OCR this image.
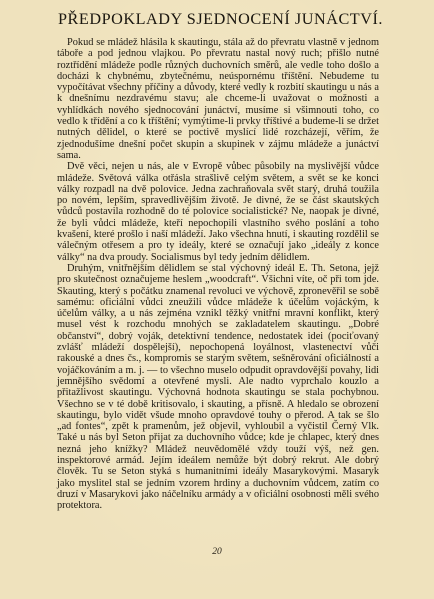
PŘEDPOKLADY SJEDNOCENÍ JUNÁCTVÍ.

Pokud se mládež hlásila k skautingu, stála až do převratu vlastně v jednom táboře a pod jednou vlajkou. Po převratu nastal nový ruch; přišlo nutné roztřídění mládeže podle různých duchovních směrů, ale vedle toho došlo a docházi k chybnému, zbytečnému, neúspornému tříštění. Nebudeme tu vypočítávat všechny příčiny a důvody, které vedly k rozbití skautingu u nás a k dnešnímu nezdravému stavu; ale chceme-li uvažovat o možnosti a vyhlídkách nového sjednocování junáctví, musíme si všimnouti toho, co vedlo k třídění a co k tříštění; vymýtime-li prvky tříštivé a budeme-li se držet nutných dělidel, o které se poctivě myslící lidé rozcházejí, věřím, že zjednodušíme dnešní počet skupin a skupinek v zájmu mládeže a junáctví sama.

Dvě věci, nejen u nás, ale v Evropě vůbec působily na myslivější vůdce mládeže. Světová válka otřásla strašlivě celým světem, a svět se ke konci války rozpadl na dvě polovice. Jedna zachraňovala svět starý, druhá toužila po novém, lepším, spravedlivějším životě. Je divné, že se část skautských vůdců postavila rozhodně do té polovice socialistické? Ne, naopak je divné, že byli vůdci mládeže, kteří nepochopili vlastního svého poslání a toho kvašení, které prošlo i naší mládeží. Jako všechna hnutí, i skauting rozdělil se válečným otřesem a pro ty ideály, které se označují jako „ideály z konce války“ na dva proudy. Socialismus byl tedy jedním dělidlem.

Druhým, vnitřnějším dělidlem se stal výchovný ideál E. Th. Setona, jejž pro skutečnost označujeme heslem „woodcraft“. Všichni víte, oč při tom jde. Skauting, který s počátku znamenal revoluci ve výchově, zpronevěřil se sobě samému: oficiální vůdci zneužili vůdce mládeže k účelům vojáckým, k účelům války, a u nás zejména vznikl těžký vnitřní mravní konflikt, který musel vést k rozchodu mnohých se zakladatelem skautingu. „Dobré občanství“, dobrý voják, detektivní tendence, nedostatek idei (pociťovaný zvlášť mládeží dospělejší), nepochopená loyálnost, vlastenectví vůči rakouské a dnes čs., kompromis se starým světem, sešněrování oficiálností a vojáčkováním a m. j. — to všechno muselo odpudit opravdovější povahy, lidi jemnějšího svědomí a otevřené mysli. Ale nadto vyprchalo kouzlo a přitažlivost skautingu. Výchovná hodnota skautingu se stala pochybnou. Všechno se v té době kritisovalo, i skauting, a přísně. A hledalo se obrození skautingu, bylo vidět všude mnoho opravdové touhy o přerod. A tak se šlo „ad fontes“, zpět k pramenům, jež objevil, vyhloubil a vyčistil Černý Vlk. Také u nás byl Seton přijat za duchovního vůdce; kde je chlapec, který dnes nezná jeho knížky? Mládež neuvědomělé vždy touží výš, než gen. inspektorové armád. Jejím ideálem nemůže být dobrý rekrut. Ale dobrý člověk. Tu se Seton styká s humanitními ideály Masarykovými. Masaryk jako myslitel stal se jedním vzorem hrdiny a duchovním vůdcem, zatím co druzí v Masarykovi jako náčelníku armády a v oficiální osobnosti měli svého protektora.

20
